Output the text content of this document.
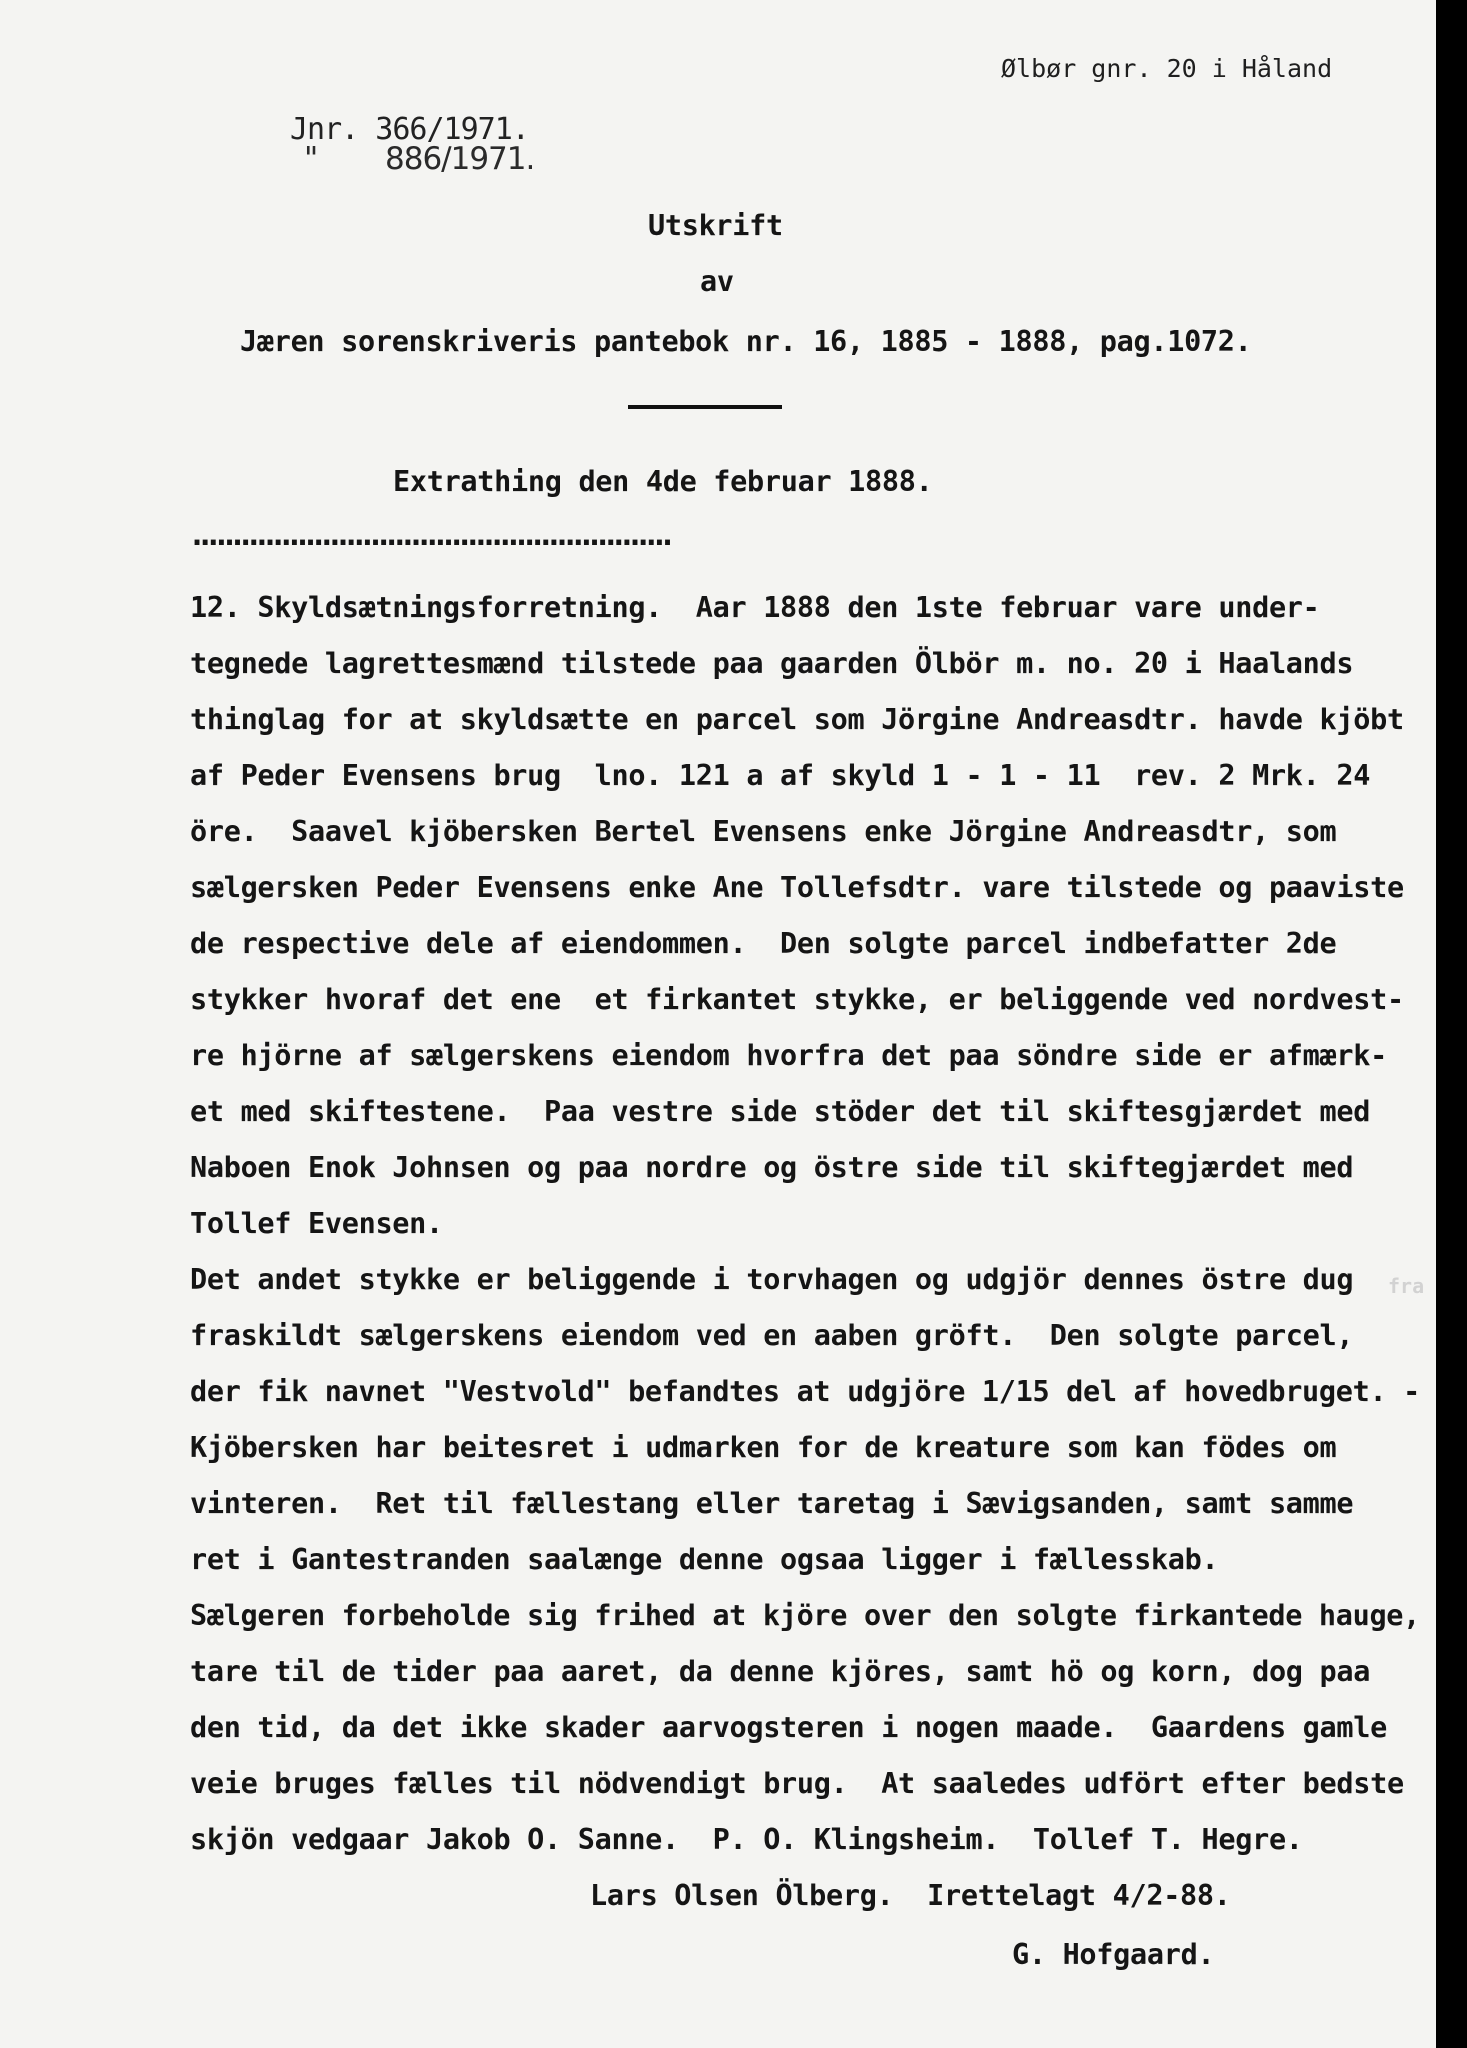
Ølbør gnr. 20 i Håland
Jnr. 366/1971.
" 886/1971.
Utskrift
av
Jæren sorenskriveris pantebok nr. 16, 1885 - 1888, pag.1072.
Extrathing den 4de februar 1888.
...........................................................
12. Skyldsætningsforretning.  Aar 1888 den 1ste februar vare under-
tegnede lagrettesmænd tilstede paa gaarden Ölbör m. no. 20 i Haalands
thinglag for at skyldsætte en parcel som Jörgine Andreasdtr. havde kjöbt
af Peder Evensens brug  lno. 121 a af skyld 1 - 1 - 11  rev. 2 Mrk. 24
öre.  Saavel kjöbersken Bertel Evensens enke Jörgine Andreasdtr, som
sælgersken Peder Evensens enke Ane Tollefsdtr. vare tilstede og paaviste
de respective dele af eiendommen.  Den solgte parcel indbefatter 2de
stykker hvoraf det ene  et firkantet stykke, er beliggende ved nordvest-
re hjörne af sælgerskens eiendom hvorfra det paa söndre side er afmærk-
et med skiftestene.  Paa vestre side stöder det til skiftesgjærdet med
Naboen Enok Johnsen og paa nordre og östre side til skiftegjærdet med
Tollef Evensen.
Det andet stykke er beliggende i torvhagen og udgjör dennes östre dug
fraskildt sælgerskens eiendom ved en aaben gröft.  Den solgte parcel,
der fik navnet "Vestvold" befandtes at udgjöre 1/15 del af hovedbruget. -
Kjöbersken har beitesret i udmarken for de kreature som kan födes om
vinteren.  Ret til fællestang eller taretag i Sævigsanden, samt samme
ret i Gantestranden saalænge denne ogsaa ligger i fællesskab.
Sælgeren forbeholde sig frihed at kjöre over den solgte firkantede hauge,
tare til de tider paa aaret, da denne kjöres, samt hö og korn, dog paa
den tid, da det ikke skader aarvogsteren i nogen maade.  Gaardens gamle
veie bruges fælles til nödvendigt brug.  At saaledes udfört efter bedste
skjön vedgaar Jakob O. Sanne.  P. O. Klingsheim.  Tollef T. Hegre.
Lars Olsen Ölberg.  Irettelagt 4/2-88.
G. Hofgaard.
fra
